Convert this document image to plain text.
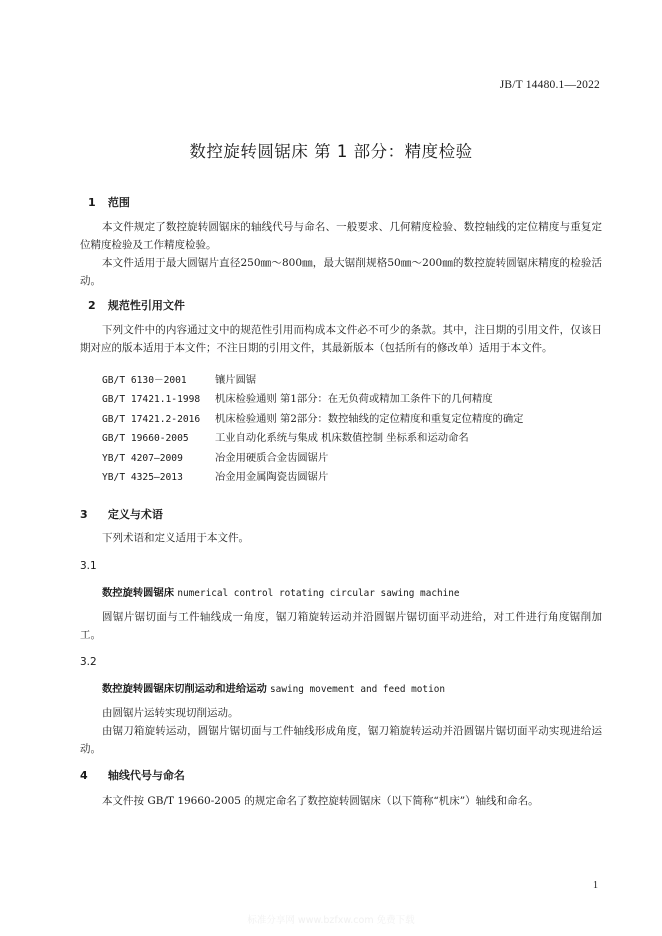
JB/T 14480.1—2022
数控旋转圆锯床 第 1 部分：精度检验
1 范围

本文件规定了数控旋转圆锯床的轴线代号与命名、一般要求、几何精度检验、数控轴线的定位精度与重复定位精度检验及工作精度检验。

本文件适用于最大圆锯片直径250㎜～800㎜，最大锯削规格50㎜～200㎜的数控旋转圆锯床精度的检验活动。

2 规范性引用文件

下列文件中的内容通过文中的规范性引用而构成本文件必不可少的条款。其中，注日期的引用文件，仅该日期对应的版本适用于本文件；不注日期的引用文件，其最新版本（包括所有的修改单）适用于本文件。

GB/T 6130－2001	镶片圆锯
GB/T 17421.1-1998 机床检验通则 第1部分：在无负荷或精加工条件下的几何精度
GB/T 17421.2-2016 机床检验通则 第2部分：数控轴线的定位精度和重复定位精度的确定
GB/T 19660-2005	工业自动化系统与集成 机床数值控制 坐标系和运动命名
YB/T 4207—2009	冶金用硬质合金齿圆锯片
YB/T 4325—2013	冶金用金属陶瓷齿圆锯片
3 定义与术语

下列术语和定义适用于本文件。

3.1
数控旋转圆锯床 numerical control rotating circular sawing machine

圆锯片锯切面与工件轴线成一角度，锯刀箱旋转运动并沿圆锯片锯切面平动进给，对工件进行角度锯削加工。

3.2
数控旋转圆锯床切削运动和进给运动 sawing movement and feed motion

由圆锯片运转实现切削运动。

由锯刀箱旋转运动，圆锯片锯切面与工件轴线形成角度，锯刀箱旋转运动并沿圆锯片锯切面平动实现进给运动。

4 轴线代号与命名

本文件按 GB/T 19660-2005 的规定命名了数控旋转圆锯床（以下简称“机床”）轴线和命名。

1
标准分享网 www.bzfxw.com 免费下载
